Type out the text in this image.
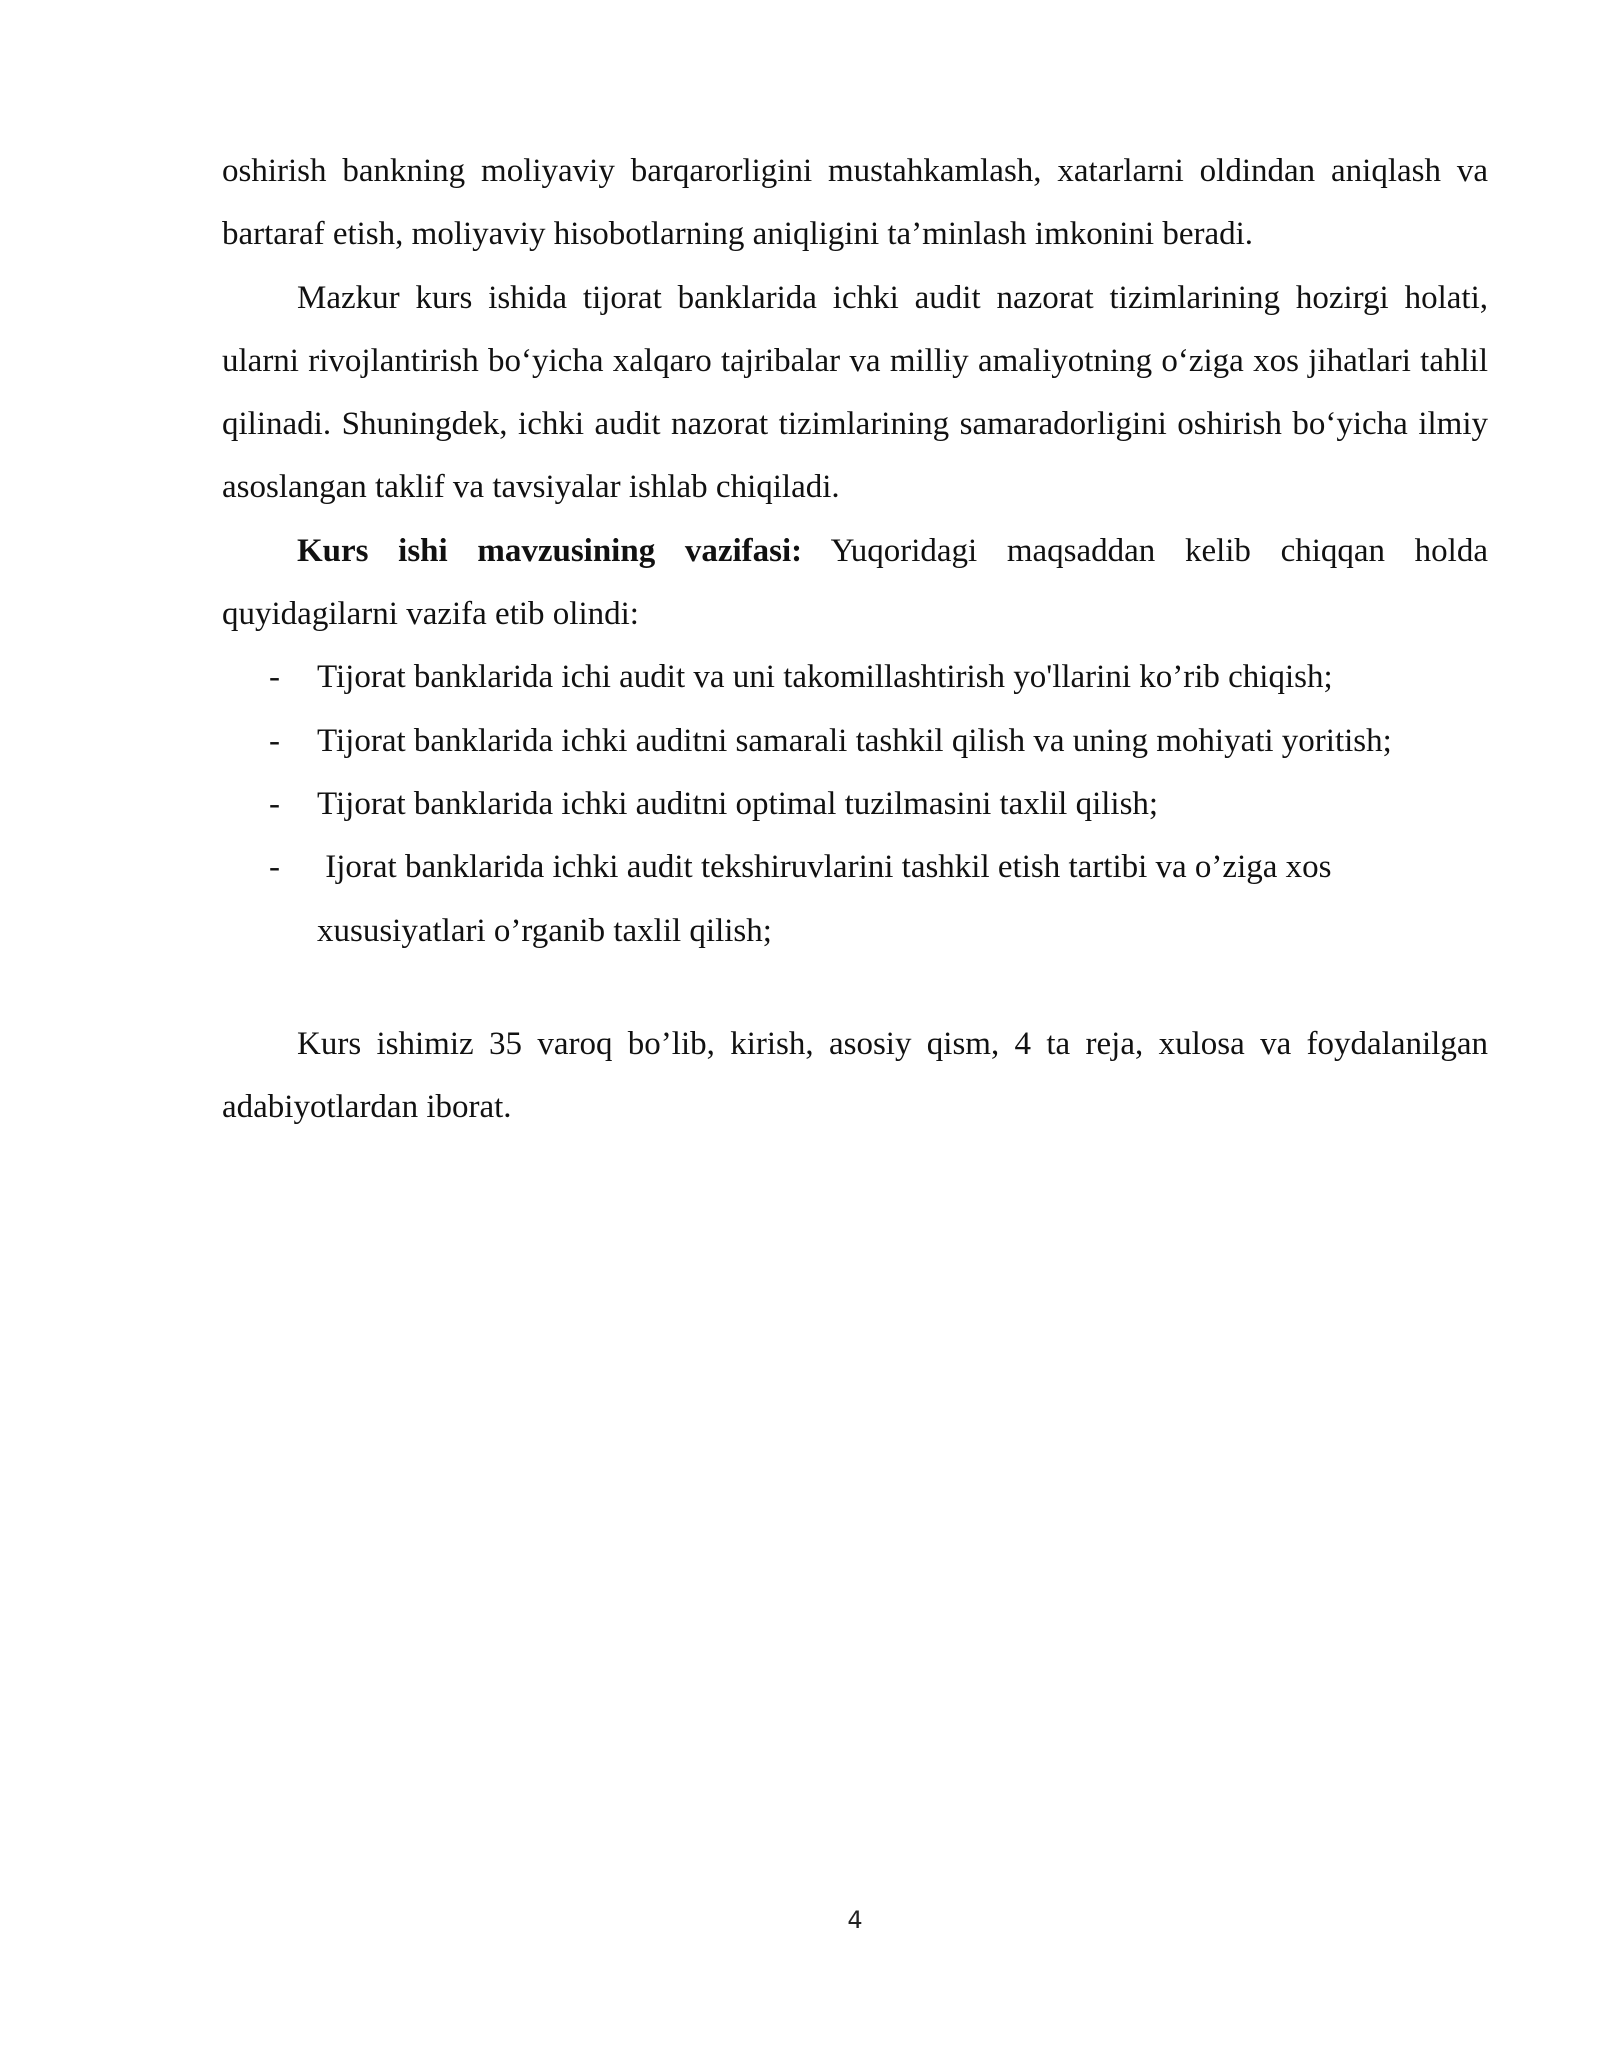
oshirish bankning moliyaviy barqarorligini mustahkamlash, xatarlarni oldindan aniqlash va bartaraf etish, moliyaviy hisobotlarning aniqligini ta’minlash imkonini beradi.

Mazkur kurs ishida tijorat banklarida ichki audit nazorat tizimlarining hozirgi holati, ularni rivojlantirish bo‘yicha xalqaro tajribalar va milliy amaliyotning o‘ziga xos jihatlari tahlil qilinadi. Shuningdek, ichki audit nazorat tizimlarining samaradorligini oshirish bo‘yicha ilmiy asoslangan taklif va tavsiyalar ishlab chiqiladi.

Kurs ishi mavzusining vazifasi: Yuqoridagi maqsaddan kelib chiqqan holda quyidagilarni vazifa etib olindi:

- Tijorat banklarida ichi audit va uni takomillashtirish yo'llarini ko’rib chiqish;
- Tijorat banklarida ichki auditni samarali tashkil qilish va uning mohiyati yoritish;
- Tijorat banklarida ichki auditni optimal tuzilmasini taxlil qilish;
- Ijorat banklarida ichki audit tekshiruvlarini tashkil etish tartibi va o’ziga xos xususiyatlari o’rganib taxlil qilish;

Kurs ishimiz 35 varoq bo’lib, kirish, asosiy qism, 4 ta reja, xulosa va foydalanilgan adabiyotlardan iborat.

4
